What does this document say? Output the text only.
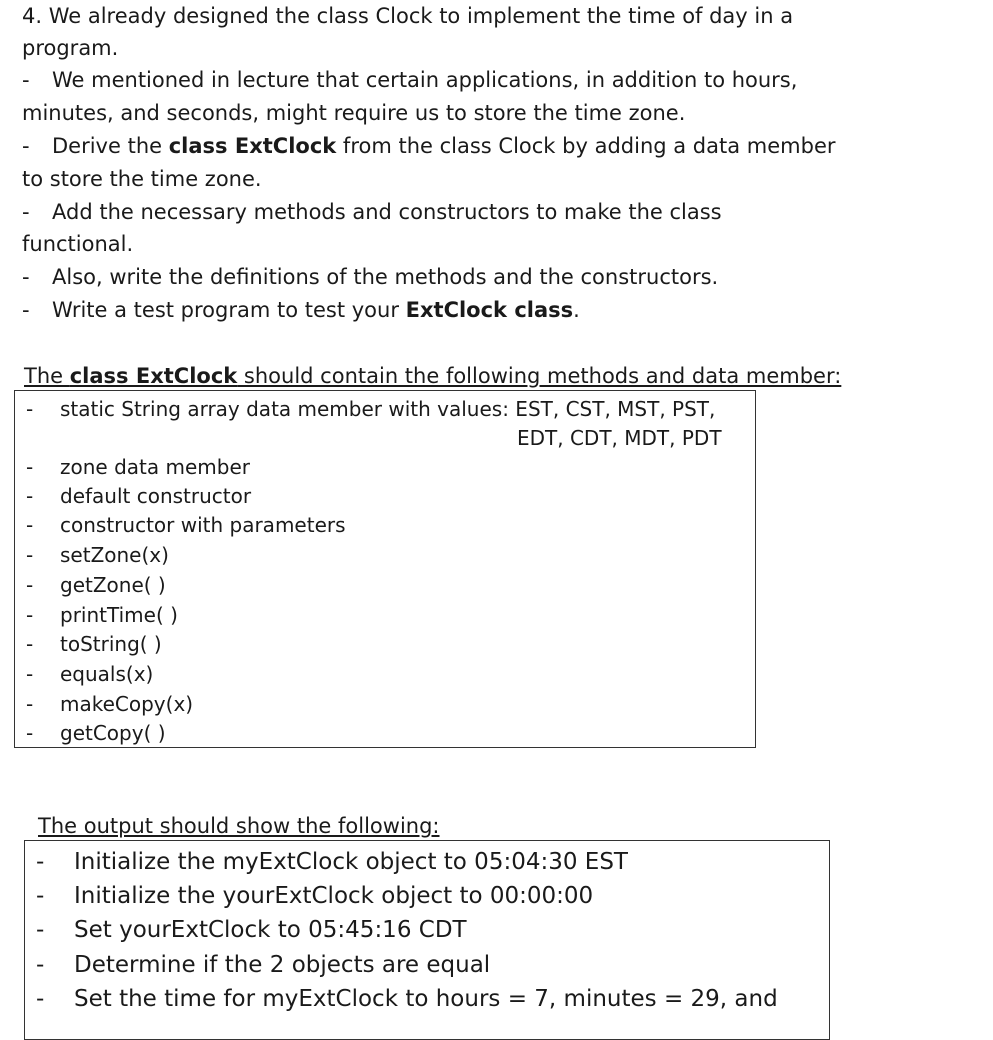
4. We already designed the class Clock to implement the time of day in a
program.
- We mentioned in lecture that certain applications, in addition to hours,
minutes, and seconds, might require us to store the time zone.
- Derive the class ExtClock from the class Clock by adding a data member
to store the time zone.
- Add the necessary methods and constructors to make the class
functional.
- Also, write the definitions of the methods and the constructors.
- Write a test program to test your ExtClock class.
The class ExtClock should contain the following methods and data member:
- static String array data member with values: EST, CST, MST, PST,
EDT, CDT, MDT, PDT
- zone data member
- default constructor
- constructor with parameters
- setZone(x)
- getZone( )
- printTime( )
- toString( )
- equals(x)
- makeCopy(x)
- getCopy( )
The output should show the following:
- Initialize the myExtClock object to 05:04:30 EST
- Initialize the yourExtClock object to 00:00:00
- Set yourExtClock to 05:45:16 CDT
- Determine if the 2 objects are equal
- Set the time for myExtClock to hours = 7, minutes = 29, and
